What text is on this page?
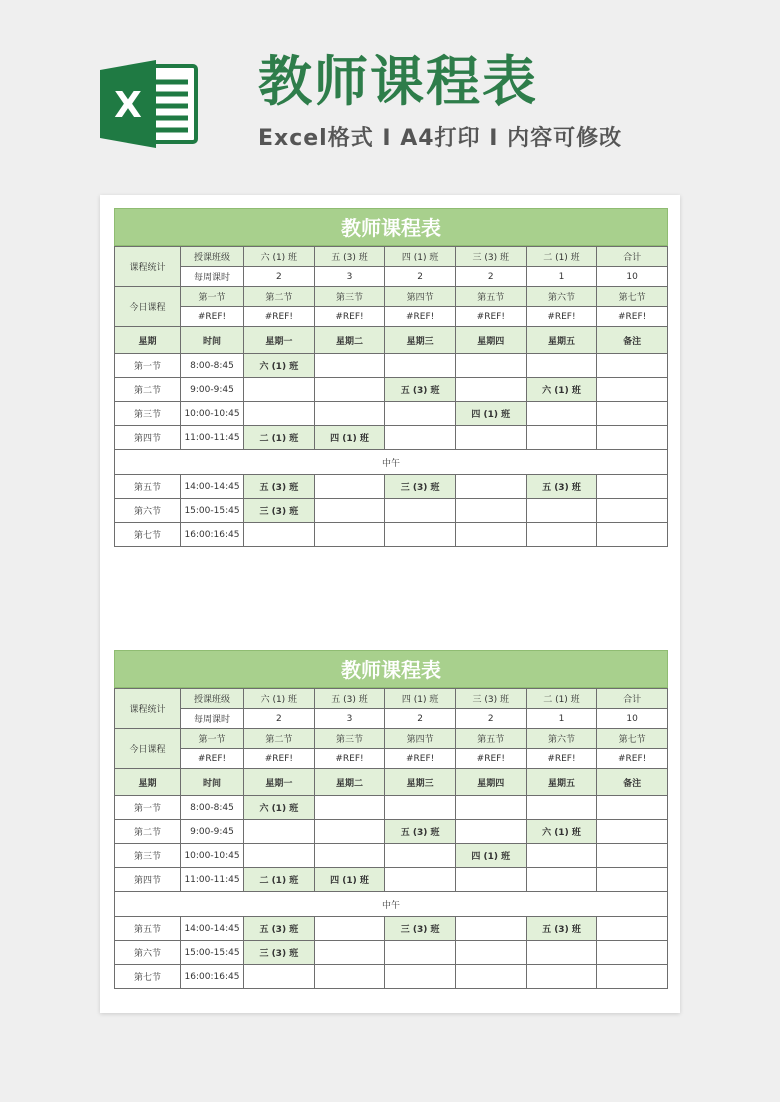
X 教师课程表
Excel格式 I A4打印 I 内容可修改
教师课程表
课程统计	授课班级	六 (1) 班	五 (3) 班	四 (1) 班	三 (3) 班	二 (1) 班	合计
	每周课时	2	3	2	2	1	10
今日课程	第一节	第二节	第三节	第四节	第五节	第六节	第七节
	#REF!	#REF!	#REF!	#REF!	#REF!	#REF!	#REF!
星期	时间	星期一	星期二	星期三	星期四	星期五	备注
第一节	8:00-8:45	六 (1) 班					
第二节	9:00-9:45			五 (3) 班		六 (1) 班	
第三节	10:00-10:45				四 (1) 班		
第四节	11:00-11:45	二 (1) 班	四 (1) 班				
中午							
第五节	14:00-14:45	五 (3) 班		三 (3) 班		五 (3) 班	
第六节	15:00-15:45	三 (3) 班					
第七节	16:00:16:45						
教师课程表
课程统计	授课班级	六 (1) 班	五 (3) 班	四 (1) 班	三 (3) 班	二 (1) 班	合计
	每周课时	2	3	2	2	1	10
今日课程	第一节	第二节	第三节	第四节	第五节	第六节	第七节
	#REF!	#REF!	#REF!	#REF!	#REF!	#REF!	#REF!
星期	时间	星期一	星期二	星期三	星期四	星期五	备注
第一节	8:00-8:45	六 (1) 班					
第二节	9:00-9:45			五 (3) 班		六 (1) 班	
第三节	10:00-10:45				四 (1) 班		
第四节	11:00-11:45	二 (1) 班	四 (1) 班				
中午							
第五节	14:00-14:45	五 (3) 班		三 (3) 班		五 (3) 班	
第六节	15:00-15:45	三 (3) 班					
第七节	16:00:16:45						
